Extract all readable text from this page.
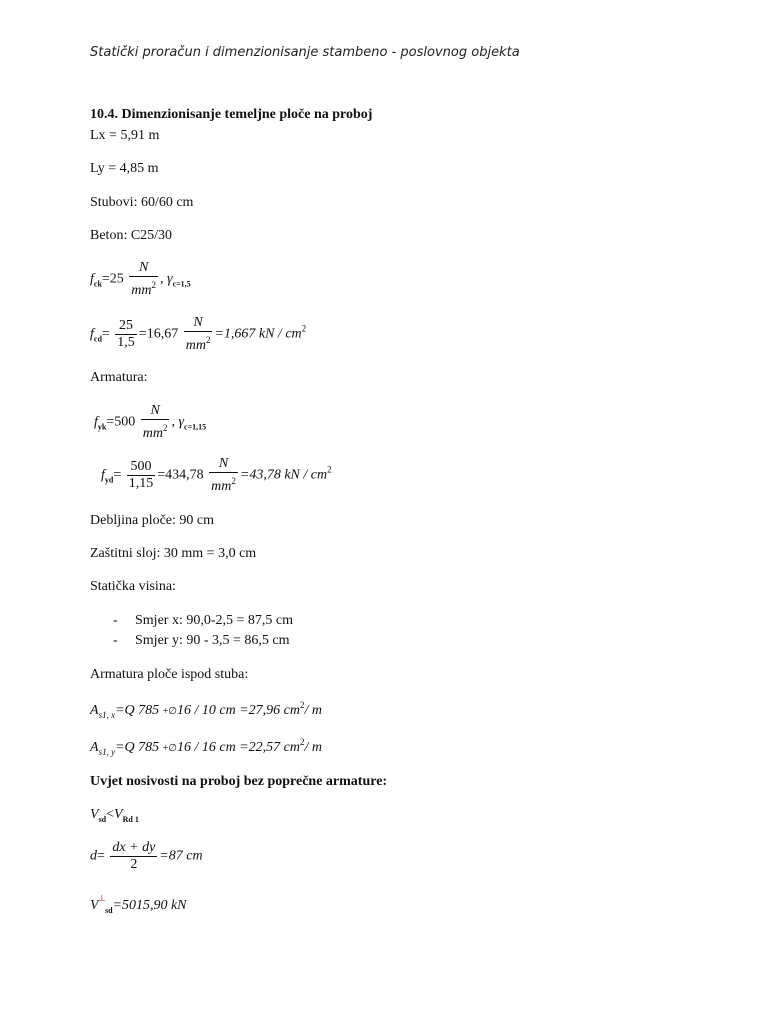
Statički proračun i dimenzionisanje stambeno - poslovnog objekta
10.4. Dimenzionisanje temeljne ploče na proboj
Lx = 5,91 m
Ly = 4,85 m
Stubovi: 60/60 cm
Beton: C25/30
$f_{ck}=25 \frac{N}{mm^2}$ , $\gamma_{c=1,5}$
$f_{cd}= \frac{25}{1,5} =16,67 \frac{N}{mm^2} =1,667$ kN / $cm^2$
Armatura:
$f_{yk}=500 \frac{N}{mm^2}$ , $\gamma_{c=1,15}$
$f_{yd}= \frac{500}{1,15} =434,78 \frac{N}{mm^2} =43,78$ kN / $cm^2$
Debljina ploče: 90 cm
Zaštitni sloj: 30 mm = 3,0 cm
Statička visina:
- Smjer x: 90,0-2,5 = 87,5 cm
- Smjer y: 90 - 3,5 = 86,5 cm
Armatura ploče ispod stuba:
$A_{s1, x}=Q$ 785 +∅16 / 10 cm =27,96 $cm^2/$ m
$A_{s1, y}=Q$ 785 +∅16 / 16 cm =22,57 $cm^2/$ m
Uvjet nosivosti na proboj bez poprečne armature:
$V_{sd}<V_{Rd 1}$
$d= \frac{dx + dy}{2} =87$ cm
$V^┴_{sd}=5015,90$ kN
